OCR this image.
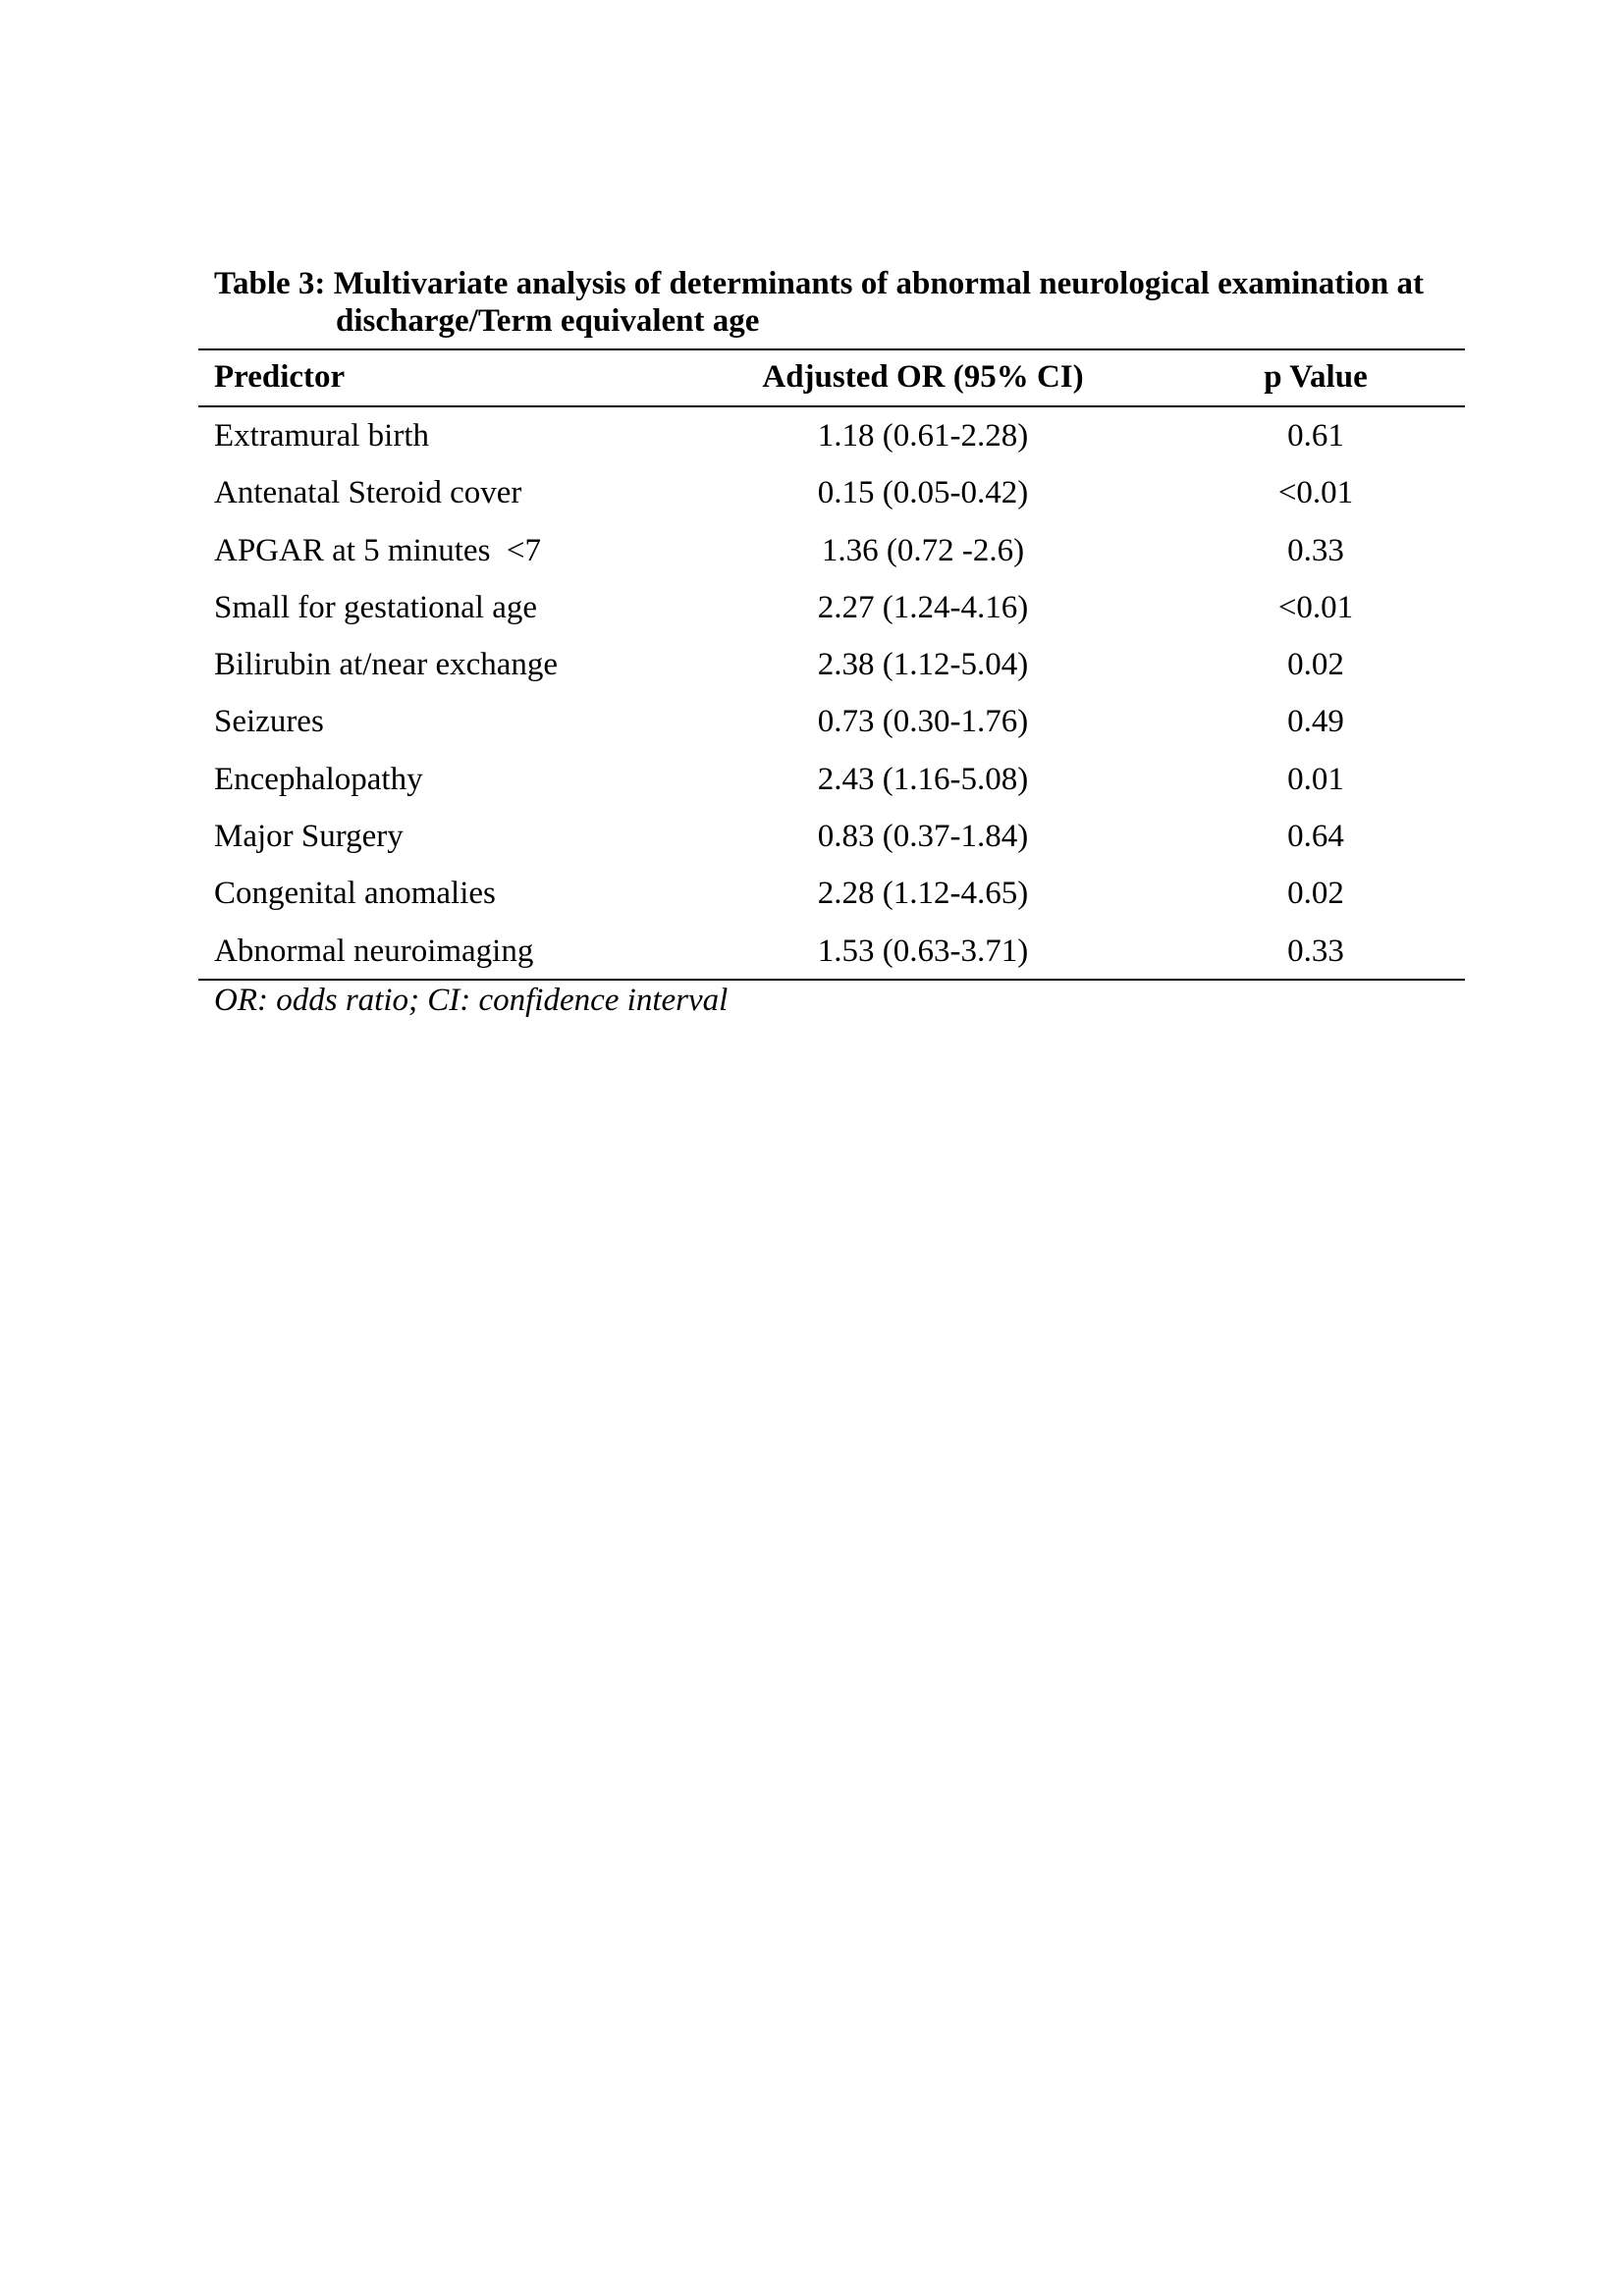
Table 3: Multivariate analysis of determinants of abnormal neurological examination at
discharge/Term equivalent age
Predictor	Adjusted OR (95% CI)	p Value
Extramural birth	1.18 (0.61-2.28)	0.61
Antenatal Steroid cover	0.15 (0.05-0.42)	<0.01
APGAR at 5 minutes  <7	1.36 (0.72 -2.6)	0.33
Small for gestational age	2.27 (1.24-4.16)	<0.01
Bilirubin at/near exchange	2.38 (1.12-5.04)	0.02
Seizures	0.73 (0.30-1.76)	0.49
Encephalopathy	2.43 (1.16-5.08)	0.01
Major Surgery	0.83 (0.37-1.84)	0.64
Congenital anomalies	2.28 (1.12-4.65)	0.02
Abnormal neuroimaging	1.53 (0.63-3.71)	0.33
OR: odds ratio; CI: confidence interval
